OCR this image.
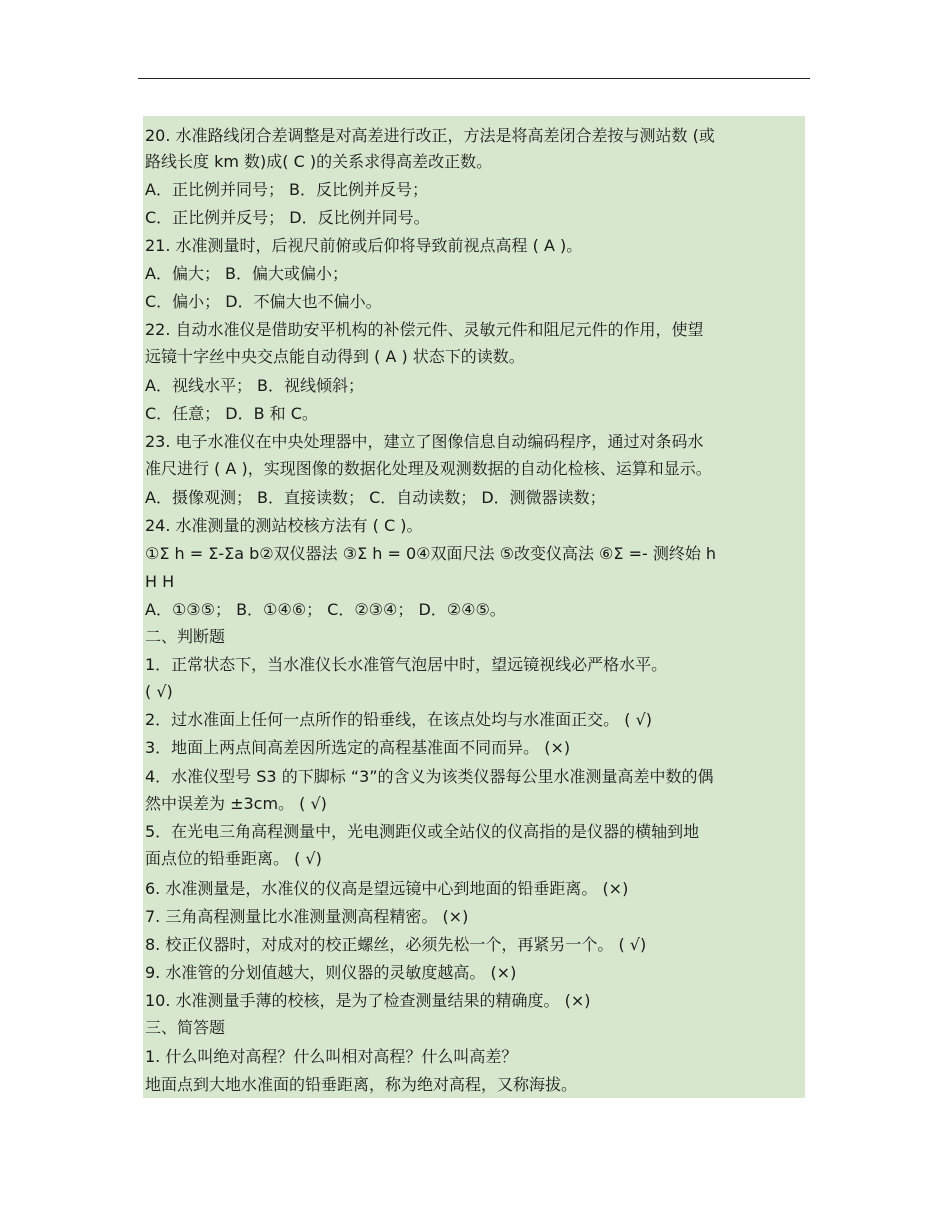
20. 水准路线闭合差调整是对高差进行改正，方法是将高差闭合差按与测站数 (或
路线长度 km 数)成( C )的关系求得高差改正数。
A．正比例并同号； B．反比例并反号；
C．正比例并反号； D．反比例并同号。
21. 水准测量时，后视尺前俯或后仰将导致前视点高程 ( A )。
A．偏大； B．偏大或偏小；
C．偏小； D．不偏大也不偏小。
22. 自动水准仪是借助安平机构的补偿元件、灵敏元件和阻尼元件的作用，使望
远镜十字丝中央交点能自动得到 ( A ) 状态下的读数。
A．视线水平； B．视线倾斜；
C．任意； D．B 和 C。
23. 电子水准仪在中央处理器中，建立了图像信息自动编码程序，通过对条码水
准尺进行 ( A )，实现图像的数据化处理及观测数据的自动化检核、运算和显示。
A．摄像观测； B．直接读数； C．自动读数； D．测微器读数；
24. 水准测量的测站校核方法有 ( C )。
①Σ h = Σ-Σa b②双仪器法 ③Σ h = 0④双面尺法 ⑤改变仪高法 ⑥Σ =- 测终始 h
H H
A．①③⑤； B．①④⑥； C．②③④； D．②④⑤。
二、判断题
1．正常状态下，当水准仪长水准管气泡居中时，望远镜视线必严格水平。
( √)
2．过水准面上任何一点所作的铅垂线，在该点处均与水准面正交。 ( √)
3．地面上两点间高差因所选定的高程基准面不同而异。 (×)
4．水准仪型号 S3 的下脚标 “3”的含义为该类仪器每公里水准测量高差中数的偶
然中误差为 ±3cm。 ( √)
5．在光电三角高程测量中，光电测距仪或全站仪的仪高指的是仪器的横轴到地
面点位的铅垂距离。 ( √)
6. 水准测量是，水准仪的仪高是望远镜中心到地面的铅垂距离。 (×)
7. 三角高程测量比水准测量测高程精密。 (×)
8. 校正仪器时，对成对的校正螺丝，必须先松一个，再紧另一个。 ( √)
9. 水准管的分划值越大，则仪器的灵敏度越高。 (×)
10. 水准测量手薄的校核，是为了检查测量结果的精确度。 (×)
三、简答题
1. 什么叫绝对高程？什么叫相对高程？什么叫高差？
地面点到大地水准面的铅垂距离，称为绝对高程，又称海拔。
